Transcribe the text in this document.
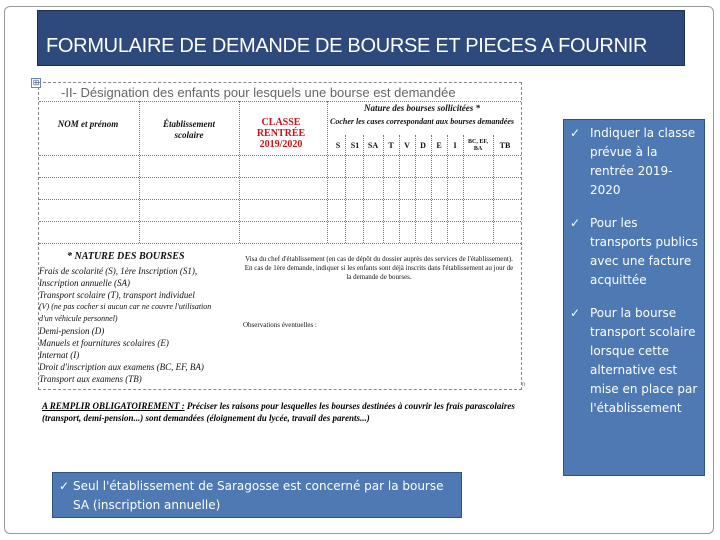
FORMULAIRE DE DEMANDE DE BOURSE ET PIECES A FOURNIR
⊞
-II- Désignation des enfants pour lesquels une bourse est demandée
NOM et prénom	Établissement scolaire
CLASSE RENTRÉE 2019/2020
Nature des bourses sollicitées *
Cocher les cases correspondant aux bourses demandées
S	S1	SA	T	V	D	E	I	BC, EF, BA	TB
* NATURE DES BOURSES
Frais de scolarité (S), 1ère Inscription (S1),
Inscription annuelle (SA)
Transport scolaire (T), transport individuel
(V) (ne pas cocher si aucun car ne couvre l'utilisation
d'un véhicule personnel)
Demi-pension (D)
Manuels et fournitures scolaires (E)
Internat (I)
Droit d'inscription aux examens (BC, EF, BA)
Transport aux examens (TB)
Visa du chef d'établissement (en cas de dépôt du dossier auprès des services de l'établissement). En cas de 1ère demande, indiquer si les enfants sont déjà inscrits dans l'établissement au jour de la demande de bourses.
Observations éventuelles :
A REMPLIR OBLIGATOIREMENT : Préciser les raisons pour lesquelles les bourses destinées à couvrir les frais parascolaires (transport, demi-pension...) sont demandées (éloignement du lycée, travail des parents...)
n
✓ Indiquer la classe prévue à la rentrée 2019-2020
✓ Pour les transports publics avec une facture acquittée
✓ Pour la bourse transport scolaire lorsque cette alternative est mise en place par l'établissement
✓ Seul l'établissement de Saragosse est concerné par la bourse SA (inscription annuelle)
